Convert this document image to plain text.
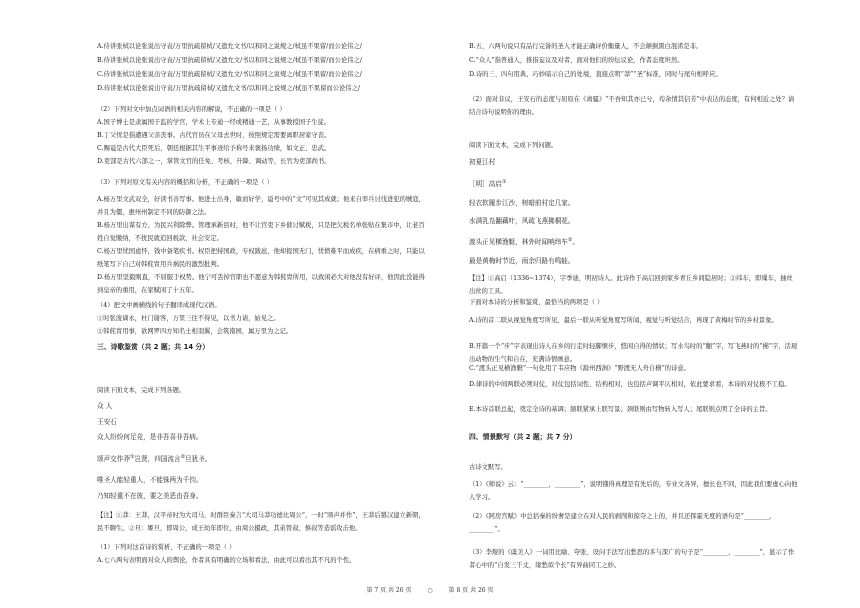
A.侍讲张栻以论张说出守袁/万里抗疏留栻/又遗允文书/以和同之说规之/栻虽不果留/而公论伟之/

B.侍讲张栻以论张说出守袁/万里抗疏留栻/又遗允文/书以和同之说规之/栻虽不果留/而公论伟之/

C.侍讲张栻以论张说出守袁/万里抗疏留栻/又遗允文/书以和同之说规之/栻虽不果留/而公论伟之/

D.侍讲张栻以论张说出守袁/万里抗疏留栻/又遗允文书/以和同之说规之/栻虽不果留而公论伟之/

（2）下列对文中加点词语的相关内容的解说，不正确的一项是（ ）

A.国子博士是隶属国子监的学官，学术上专通一经或精通一艺，从事教授国子生徒。

B.丁父忧是指遭遇父亲丧事。古代官员在父母去世时，按照规定需要离职居家守丧。

C.赐谥是古代大臣死后，朝廷根据其生平事迹给予称号来褒扬功绩，如文正、忠武。

D.吏部是古代六部之一，掌管文官的任免、考核、升降、调动等，长官为吏部尚书。

（3）下列对原文有关内容的概括和分析，不正确的一项是（ ）

A.杨万里文武双全，好读书善写事。他进士出身，敏而好学，谥号中的“文”可见其成就；他来自率兵讨伐进犯的贼寇，并且为僵，惠州州制定不同的防御之法。

B.杨万里出谋有方，为民兴利除弊。管理承新县时，他不让官吏下乡催讨赋税，只是把欠税名单张贴在集市中，让老百姓自觉缴纳，不扰民就追回税款，社会安定。

C.杨万里忧国虑怀，钱中备笔疾书。权臣把持国政，专权跋扈，他却报国无门，忧愤难平而成疾，在病重之时，只能以纸笔写下自己对韩侂胄用兵祸民的激烈批判。

D.杨万里坚毅刚直，不屈服于权势。他宁可丢掉官职也不愿意为韩侂胄所用，以致闲必大对他没有好评，他因此没能得到皇帝的重用，在家赋闲了十五年。

（4）把文中画横线的句子翻译成现代汉语。

①时张浚谪永，杜门谢客，万里三往不得见，以书力请，始见之。

②韩侂胄用事，欲网罗四方知名士相羽翼，会筑南园，属万里为之记。

三、诗歌鉴赏（共 2 题；共 14 分）

阅读下面文本，完成下列各题。

众 人

王安石

众人纷纷何足竞，是非吾喜非吾病。

颂声交作莽①岂贤，四国流言②旦犹圣。

唯圣人能轻重人，不能铢两为千钧。

乃知轻重不在彼，要之美恶由吾身。

【注】①莽：王莽，汉平帝时为大司马，时群臣奏言“大司马莽功德比周公”，一时“颂声并作”，王莽后篡汉建立新朝，民不聊生。②旦：姬旦，即周公，成王幼年即位，由周公摄政，其弟管叔、蔡叔等造谣攻击他。

（1）下列对这首诗的赏析，不正确的一项是（ ）

A.七八两句表明面对众人的舆论，作者具有明确的立场和看法，由此可以看出其不凡的个性。

B.五、六两句说只有品行完备的圣人才能正确评价衡量人，不会颠倒黑白混淆是非。

C.“众人”指普通人，推指妄议及对者，面对他们的纷纭议论，作者态度坦然。

D.诗的三、四句用典，巧妙暗示自己的处境，直接点明“莽”“圣”标准，同时与尾句相呼应。

（2）面对非议，王安石的态度与屈原在《离骚》“不吾知其亦已兮，苟余情其信芳”中表达的态度，有何相近之处？请结合诗句说明你的理由。

阅读下面文本，完成下列问题。

初夏江村

［明］高启①

轻衣软履步江沙，树暗前村定几家。

水满乳凫翻藕叶，风疏飞燕拂桐花。

渡头正见横渔艇，林外时闻响纬车②。

最是黄梅时节近，雨余归路有鸣蛙。

【注】①高启（1336~1374），字季迪，明初诗人。此诗作于高启回到家乡青丘乡间隐居时；②纬车，即缫车，抽丝出丝的工具。

下面对本诗的分析和鉴赏，最恰当的两项是（ ）

A.诗的首二联从视觉角度写所见，最后一联从听觉角度写所闻，视觉与听觉结合，再现了黄梅时节的乡村景象。

B.开篇一个“步”字表现出诗人在乡间行走时轻脚惬步，悠闲自得的情状；写水鸟时的“翻”字，写飞燕时的“拂”字，活现出动物的生气和自在，充满诗情画意。

C.“渡头正见横渔艇”一句化用了韦应物《滁州西涧》“野渡无人舟自横”的诗意。

D.律诗的中间两联必须对仗，对仗包括词性、结构相对，也包括声调平仄相对，依此要求看，本诗的对仗极不工稳。

E.本诗首联总起，奠定全诗的基调；颔联紧承上联写景；颈联则由写物转入写人；尾联则点明了全诗的主旨。

四、情景默写（共 2 题；共 7 分）

古诗文默写。

（1）《师说》云：“________，________”，说明懂得真理是有先后的，专业文各异，擅长也不同，因此我们要虚心向他人学习。

（2）《阿房宫赋》中总括秦的纷奢是建立在对人民的剥削和掠夺之上的，并且还挥霍无度的语句是“________，________”。

（3）李煜的《虞美人》一词用比喻、夸张、设问手法写出愁思的多与深广的句子是“________，________”，显示了作者心中的“自发三千丈，缘愁似个长”有异曲同工之妙。

第 7 页 共 26 页	○	第 8 页 共 26 页
